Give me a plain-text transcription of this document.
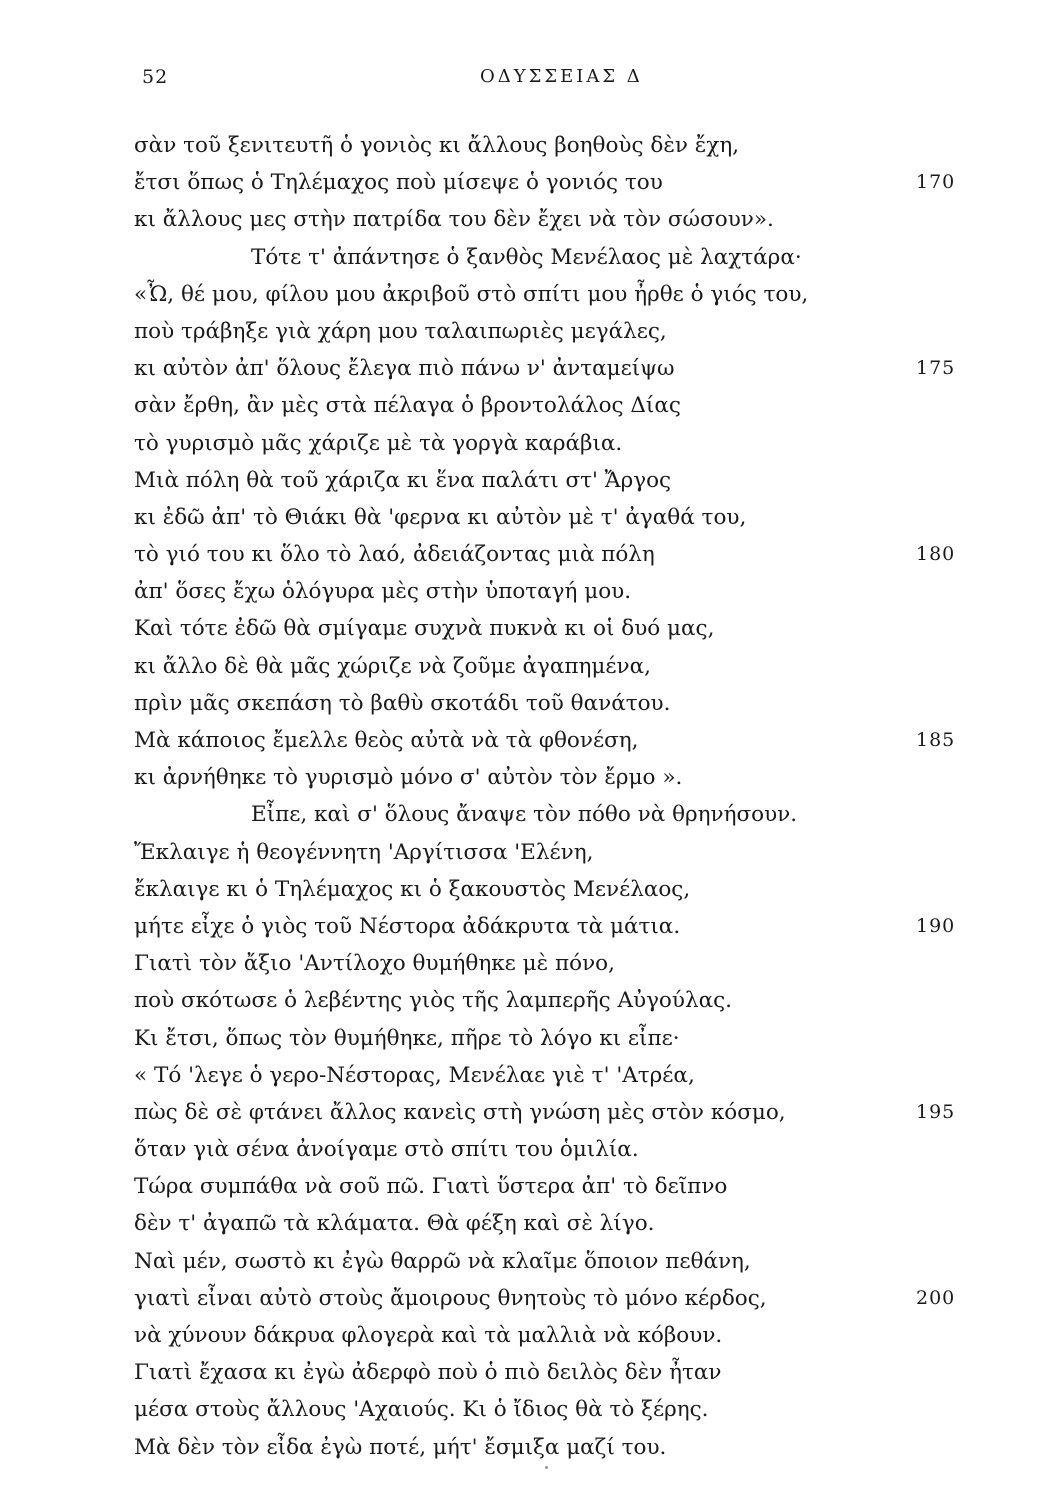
52	ΟΔΥΣΣΕΙΑΣ Δ
σὰν τοῦ ξενιτευτῆ ὁ γονιὸς κι ἄλλους βοηθοὺς δὲν ἔχη,
ἔτσι ὅπως ὁ Τηλέμαχος ποὺ μίσεψε ὁ γονιός του	170
κι ἄλλους μες στὴν πατρίδα του δὲν ἔχει νὰ τὸν σώσουν».
Τότε τ' ἀπάντησε ὁ ξανθὸς Μενέλαος μὲ λαχτάρα·
«Ὦ, θέ μου, φίλου μου ἀκριβοῦ στὸ σπίτι μου ἦρθε ὁ γιός του,
ποὺ τράβηξε γιὰ χάρη μου ταλαιπωριὲς μεγάλες,
κι αὐτὸν ἀπ' ὅλους ἔλεγα πιὸ πάνω ν' ἀνταμείψω	175
σὰν ἔρθη, ἂν μὲς στὰ πέλαγα ὁ βροντολάλος Δίας
τὸ γυρισμὸ μᾶς χάριζε μὲ τὰ γοργὰ καράβια.
Μιὰ πόλη θὰ τοῦ χάριζα κι ἕνα παλάτι στ' Ἄργος
κι ἐδῶ ἀπ' τὸ Θιάκι θὰ 'φερνα κι αὐτὸν μὲ τ' ἀγαθά του,
τὸ γιό του κι ὅλο τὸ λαό, ἀδειάζοντας μιὰ πόλη	180
ἀπ' ὅσες ἔχω ὁλόγυρα μὲς στὴν ὑποταγή μου.
Καὶ τότε ἐδῶ θὰ σμίγαμε συχνὰ πυκνὰ κι οἱ δυό μας,
κι ἄλλο δὲ θὰ μᾶς χώριζε νὰ ζοῦμε ἀγαπημένα,
πρὶν μᾶς σκεπάση τὸ βαθὺ σκοτάδι τοῦ θανάτου.
Μὰ κάποιος ἔμελλε θεὸς αὐτὰ νὰ τὰ φθονέση,	185
κι ἀρνήθηκε τὸ γυρισμὸ μόνο σ' αὐτὸν τὸν ἔρμο ».
Εἶπε, καὶ σ' ὅλους ἄναψε τὸν πόθο νὰ θρηνήσουν.
Ἔκλαιγε ἡ θεογέννητη 'Αργίτισσα 'Ελένη,
ἔκλαιγε κι ὁ Τηλέμαχος κι ὁ ξακουστὸς Μενέλαος,
μήτε εἶχε ὁ γιὸς τοῦ Νέστορα ἀδάκρυτα τὰ μάτια.	190
Γιατὶ τὸν ἄξιο 'Αντίλοχο θυμήθηκε μὲ πόνο,
ποὺ σκότωσε ὁ λεβέντης γιὸς τῆς λαμπερῆς Αὐγούλας.
Κι ἔτσι, ὅπως τὸν θυμήθηκε, πῆρε τὸ λόγο κι εἶπε·
« Τό 'λεγε ὁ γερο-Νέστορας, Μενέλαε γιὲ τ' 'Ατρέα,
πὼς δὲ σὲ φτάνει ἄλλος κανεὶς στὴ γνώση μὲς στὸν κόσμο,	195
ὅταν γιὰ σένα ἀνοίγαμε στὸ σπίτι του ὁμιλία.
Τώρα συμπάθα νὰ σοῦ πῶ. Γιατὶ ὕστερα ἀπ' τὸ δεῖπνο
δὲν τ' ἀγαπῶ τὰ κλάματα. Θὰ φέξη καὶ σὲ λίγο.
Ναὶ μέν, σωστὸ κι ἐγὼ θαρρῶ νὰ κλαῖμε ὅποιον πεθάνη,
γιατὶ εἶναι αὐτὸ στοὺς ἄμοιρους θνητοὺς τὸ μόνο κέρδος,	200
νὰ χύνουν δάκρυα φλογερὰ καὶ τὰ μαλλιὰ νὰ κόβουν.
Γιατὶ ἔχασα κι ἐγὼ ἀδερφὸ ποὺ ὁ πιὸ δειλὸς δὲν ἦταν
μέσα στοὺς ἄλλους 'Αχαιούς. Κι ὁ ἴδιος θὰ τὸ ξέρης.
Μὰ δὲν τὸν εἶδα ἐγὼ ποτέ, μήτ' ἔσμιξα μαζί του.
